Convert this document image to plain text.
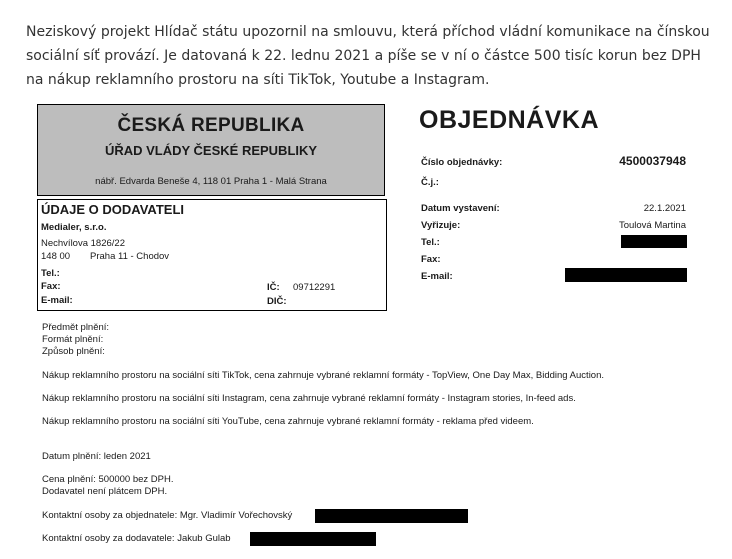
Neziskový projekt Hlídač státu upozornil na smlouvu, která příchod vládní komunikace na čínskou sociální síť provází. Je datovaná k 22. lednu 2021 a píše se v ní o částce 500 tisíc korun bez DPH na nákup reklamního prostoru na síti TikTok, Youtube a Instagram.

ČESKÁ REPUBLIKA
ÚŘAD VLÁDY ČESKÉ REPUBLIKY
nábř. Edvarda Beneše 4, 118 01 Praha 1 - Malá Strana
ÚDAJE O DODAVATELI
Medialer, s.r.o.
Nechvílova 1826/22
148 00 Praha 11 - Chodov
Tel.:
Fax:
E-mail:
IČ: 09712291
DIČ:
OBJEDNÁVKA
Číslo objednávky:	4500037948
Č.j.:
Datum vystavení:	22.1.2021
Vyřizuje:	Toulová Martina
Tel.:
Fax:
E-mail:
Předmět plnění:
Formát plnění:
Způsob plnění:
Nákup reklamního prostoru na sociální síti TikTok, cena zahrnuje vybrané reklamní formáty - TopView, One Day Max, Bidding Auction.
Nákup reklamního prostoru na sociální síti Instagram, cena zahrnuje vybrané reklamní formáty - Instagram stories, In-feed ads.
Nákup reklamního prostoru na sociální síti YouTube, cena zahrnuje vybrané reklamní formáty - reklama před videem.
Datum plnění: leden 2021
Cena plnění: 500000 bez DPH.
Dodavatel není plátcem DPH.
Kontaktní osoby za objednatele: Mgr. Vladimír Vořechovský
Kontaktní osoby za dodavatele: Jakub Gulab
